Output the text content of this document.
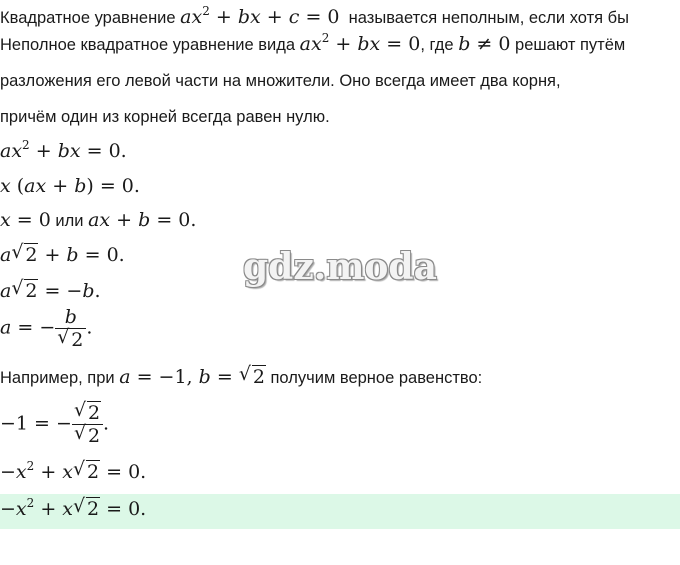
Квадратное уравнение $ax^2$ + bx + c = 0 называется неполным, если хотя бы
Неполное квадратное уравнение вида $ax^2$ + bx = 0, где b ≠ 0 решают путём
разложения его левой части на множители. Оно всегда имеет два корня,
причём один из корней всегда равен нулю.
$ax^2$ + bx = 0.
x (ax + b) = 0.
x = 0 или ax + b = 0.
a √ 2 + b = 0.
a √ 2 = −b.
a = − $\frac{b}{√ 2}$ .
Например, при a = −1, b = √ 2 получим верное равенство:
−1 = − $\frac{√ 2}{√ 2}$ .
$-x^2 + x$ √ 2 = 0.
$-x^2 + x$ √ 2 = 0.
gdz.moda
